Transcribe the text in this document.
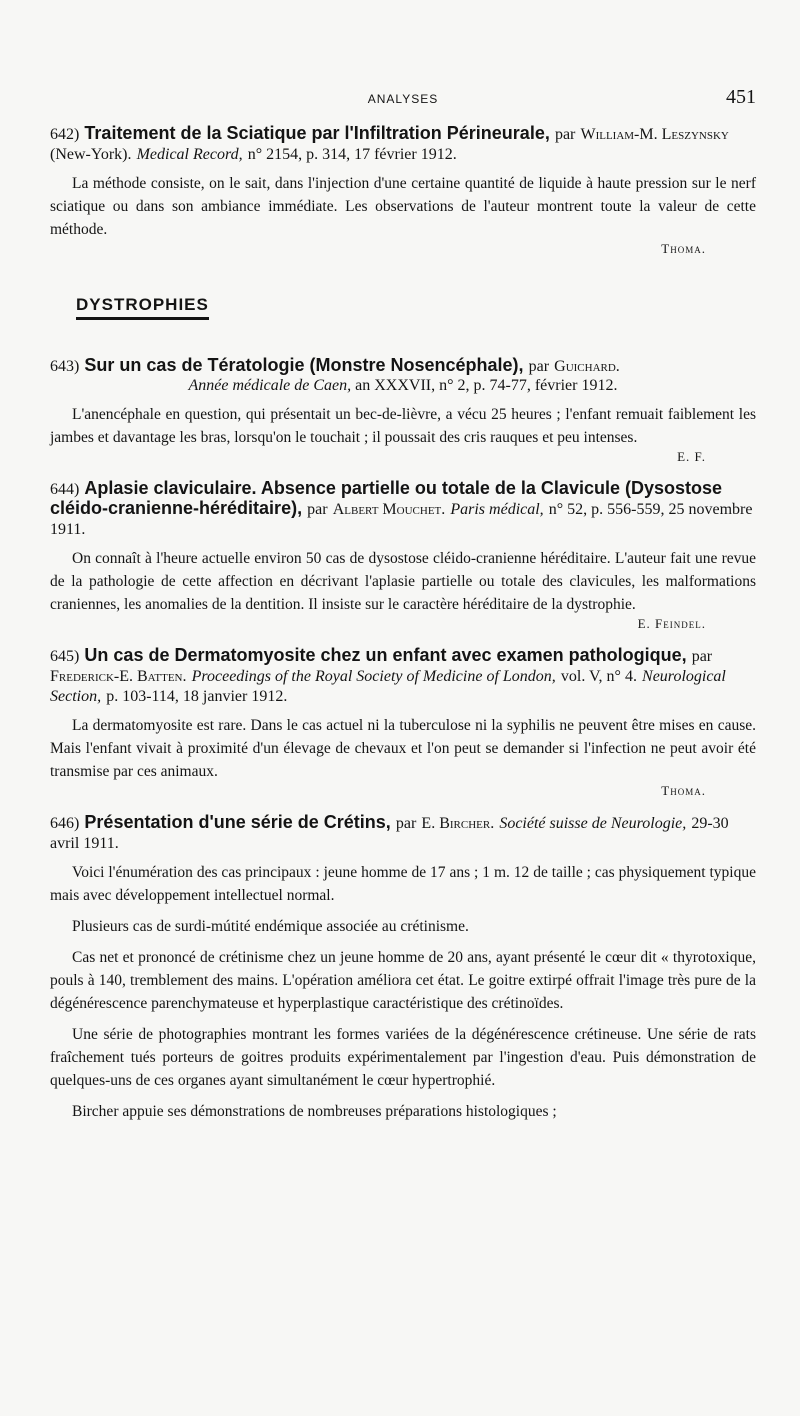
ANALYSES	451
642) Traitement de la Sciatique par l'Infiltration Périneurale, par William-M. Leszynsky (New-York). Medical Record, n° 2154, p. 314, 17 février 1912.

La méthode consiste, on le sait, dans l'injection d'une certaine quantité de liquide à haute pression sur le nerf sciatique ou dans son ambiance immédiate. Les observations de l'auteur montrent toute la valeur de cette méthode.

Thoma.
DYSTROPHIES
643) Sur un cas de Tératologie (Monstre Nosencéphale), par Guichard.
Année médicale de Caen, an XXXVII, n° 2, p. 74-77, février 1912.

L'anencéphale en question, qui présentait un bec-de-lièvre, a vécu 25 heures ; l'enfant remuait faiblement les jambes et davantage les bras, lorsqu'on le touchait ; il poussait des cris rauques et peu intenses.

E. F.
644) Aplasie claviculaire. Absence partielle ou totale de la Clavicule (Dysostose cléido-cranienne-héréditaire), par Albert Mouchet. Paris médical, n° 52, p. 556-559, 25 novembre 1911.

On connaît à l'heure actuelle environ 50 cas de dysostose cléido-cranienne héréditaire. L'auteur fait une revue de la pathologie de cette affection en décrivant l'aplasie partielle ou totale des clavicules, les malformations craniennes, les anomalies de la dentition. Il insiste sur le caractère héréditaire de la dystrophie.

E. Feindel.
645) Un cas de Dermatomyosite chez un enfant avec examen pathologique, par Frederick-E. Batten. Proceedings of the Royal Society of Medicine of London, vol. V, n° 4. Neurological Section, p. 103-114, 18 janvier 1912.

La dermatomyosite est rare. Dans le cas actuel ni la tuberculose ni la syphilis ne peuvent être mises en cause. Mais l'enfant vivait à proximité d'un élevage de chevaux et l'on peut se demander si l'infection ne peut avoir été transmise par ces animaux.

Thoma.
646) Présentation d'une série de Crétins, par E. Bircher. Société suisse de Neurologie, 29-30 avril 1911.

Voici l'énumération des cas principaux : jeune homme de 17 ans ; 1 m. 12 de taille ; cas physiquement typique mais avec développement intellectuel normal.

Plusieurs cas de surdi-mútité endémique associée au crétinisme.

Cas net et prononcé de crétinisme chez un jeune homme de 20 ans, ayant présenté le cœur dit « thyrotoxique, pouls à 140, tremblement des mains. L'opération améliora cet état. Le goitre extirpé offrait l'image très pure de la dégénérescence parenchymateuse et hyperplastique caractéristique des crétinoïdes.

Une série de photographies montrant les formes variées de la dégénérescence crétineuse. Une série de rats fraîchement tués porteurs de goitres produits expérimentalement par l'ingestion d'eau. Puis démonstration de quelques-uns de ces organes ayant simultanément le cœur hypertrophié.

Bircher appuie ses démonstrations de nombreuses préparations histologiques ;
